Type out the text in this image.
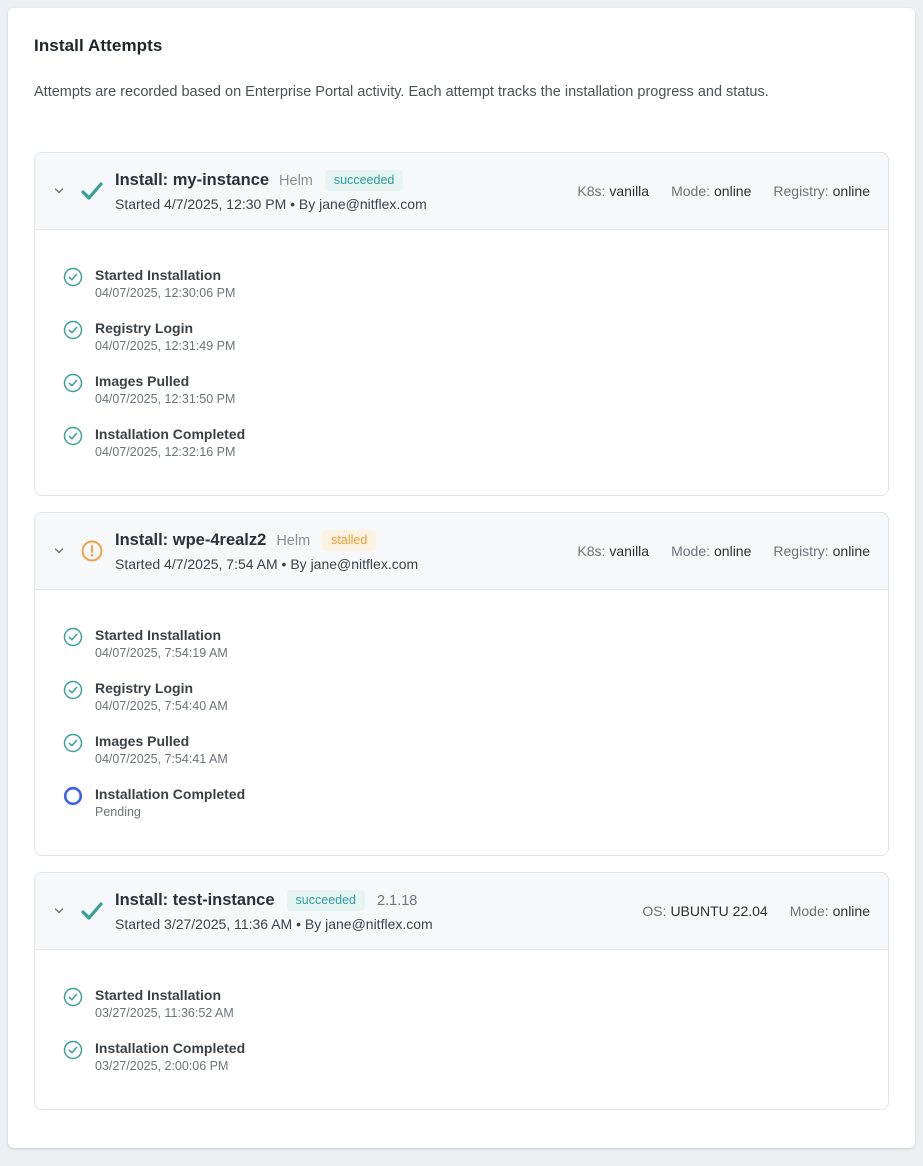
Install Attempts

Attempts are recorded based on Enterprise Portal activity. Each attempt tracks the installation progress and status.

Install: my-instance Helm	succeeded
Started 4/7/2025, 12:30 PM • By jane@nitflex.com
K8s: vanilla Mode: online Registry: online
Started Installation
04/07/2025, 12:30:06 PM
Registry Login
04/07/2025, 12:31:49 PM
Images Pulled
04/07/2025, 12:31:50 PM
Installation Completed
04/07/2025, 12:32:16 PM
Install: wpe-4realz2 Helm	stalled
Started 4/7/2025, 7:54 AM • By jane@nitflex.com
K8s: vanilla Mode: online Registry: online
Started Installation
04/07/2025, 7:54:19 AM
Registry Login
04/07/2025, 7:54:40 AM
Images Pulled
04/07/2025, 7:54:41 AM
Installation Completed
Pending
Install: test-instance	succeeded	2.1.18
Started 3/27/2025, 11:36 AM • By jane@nitflex.com
OS: UBUNTU 22.04 Mode: online
Started Installation
03/27/2025, 11:36:52 AM
Installation Completed
03/27/2025, 2:00:06 PM
